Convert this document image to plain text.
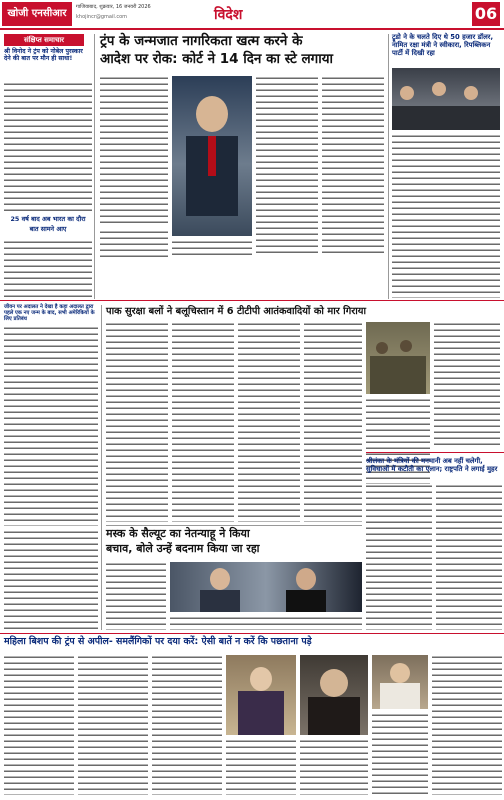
खोजी एनसीआर
गाजियाबाद, शुक्रवार, 16 जनवरी 2026
khojincr@gmail.com	विदेश	06
संक्षिप्त समाचार
श्री विनोद ने ट्रंप को नोबेल पुरस्कार देने की बात पर मौन ही साधा!
25 वर्ष बाद अब भारत का दौरा
बात सामने आए
ट्रंप के जन्मजात नागरिकता खत्म करने के
आदेश पर रोक: कोर्ट ने 14 दिन का स्टे लगाया
ट्रूडो ने के चलते दिए थे 50 हजार डॉलर, नामित रक्षा मंत्री ने स्वीकारा, रिपब्लिकन पार्टी में दिखी रहा
जीवन पर अदालत ने देखा है कहा अदालत द्वारा पहले एक नए जन्म के बाद, सभी अमेरिकियों के लिए प्रतिबंध
पाक सुरक्षा बलों ने बलूचिस्तान में 6 टीटीपी आतंकवादियों को मार गिराया
श्रीलंका के मंत्रियों की मनमानी अब नहीं चलेगी, सुविधाओं में कटौती का एलान; राष्ट्रपति ने लगाई मुहर
मस्क के सैल्यूट का नेतन्याहू ने किया
बचाव, बोले उन्हें बदनाम किया जा रहा
महिला बिशप की ट्रंप से अपील- समलैंगिकों पर दया करें: ऐसी बातें न करें कि पछताना पड़े
